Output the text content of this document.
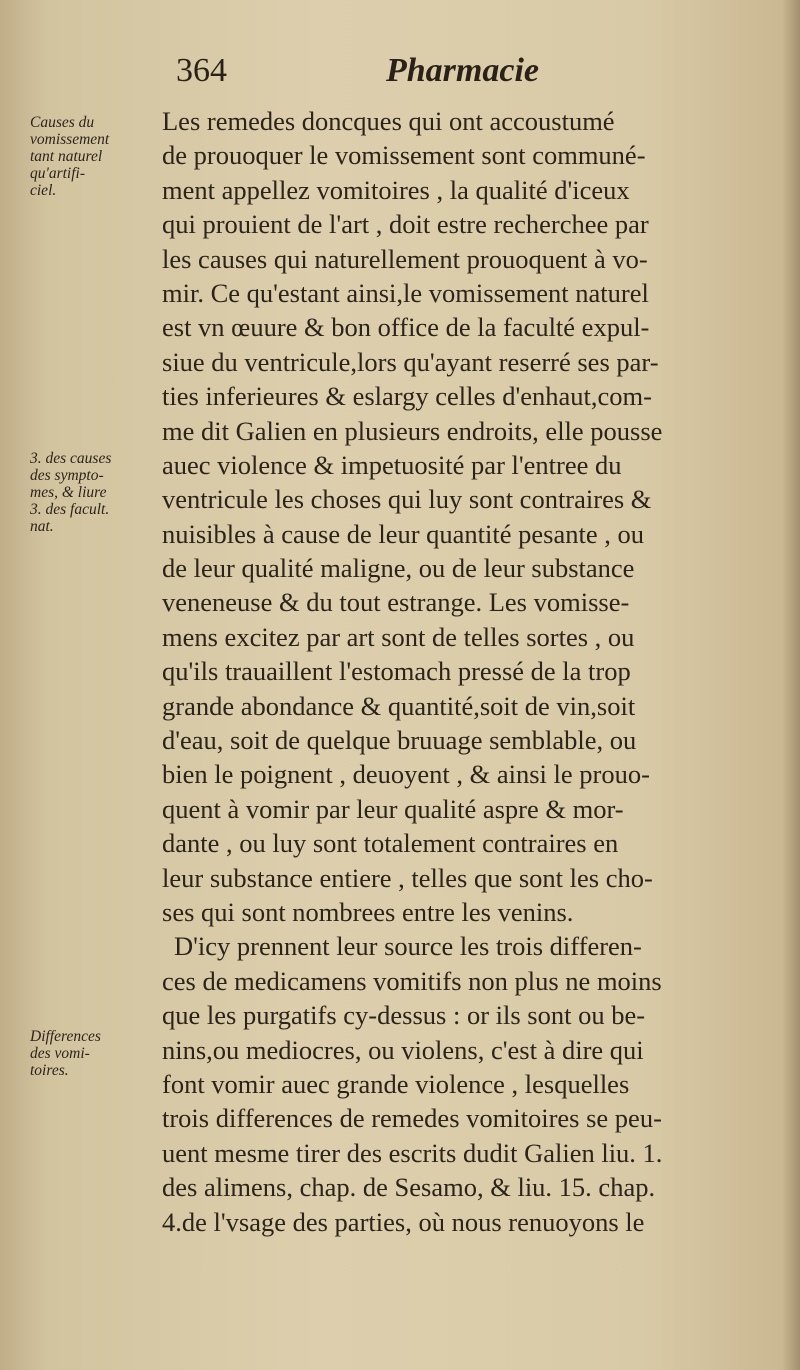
364	Pharmacie
Causes du
vomissement
tant naturel
qu'artifi-
ciel.
3. des causes
des sympto-
mes, & liure
3. des facult.
nat.
Differences
des vomi-
toires.
Les remedes doncques qui ont accoustumé
de prouoquer le vomissement sont communé-
ment appellez vomitoires , la qualité d'iceux
qui prouient de l'art , doit estre recherchee par
les causes qui naturellement prouoquent à vo-
mir. Ce qu'estant ainsi,le vomissement naturel
est vn œuure & bon office de la faculté expul-
siue du ventricule,lors qu'ayant reserré ses par-
ties inferieures & eslargy celles d'enhaut,com-
me dit Galien en plusieurs endroits, elle pousse
auec violence & impetuosité par l'entree du
ventricule les choses qui luy sont contraires &
nuisibles à cause de leur quantité pesante , ou
de leur qualité maligne, ou de leur substance
veneneuse & du tout estrange. Les vomisse-
mens excitez par art sont de telles sortes , ou
qu'ils trauaillent l'estomach pressé de la trop
grande abondance & quantité,soit de vin,soit
d'eau, soit de quelque bruuage semblable, ou
bien le poignent , deuoyent , & ainsi le prouo-
quent à vomir par leur qualité aspre & mor-
dante , ou luy sont totalement contraires en
leur substance entiere , telles que sont les cho-
ses qui sont nombrees entre les venins.
D'icy prennent leur source les trois differen-
ces de medicamens vomitifs non plus ne moins
que les purgatifs cy-dessus : or ils sont ou be-
nins,ou mediocres, ou violens, c'est à dire qui
font vomir auec grande violence , lesquelles
trois differences de remedes vomitoires se peu-
uent mesme tirer des escrits dudit Galien liu. 1.
des alimens, chap. de Sesamo, & liu. 15. chap.
4.de l'vsage des parties, où nous renuoyons le
